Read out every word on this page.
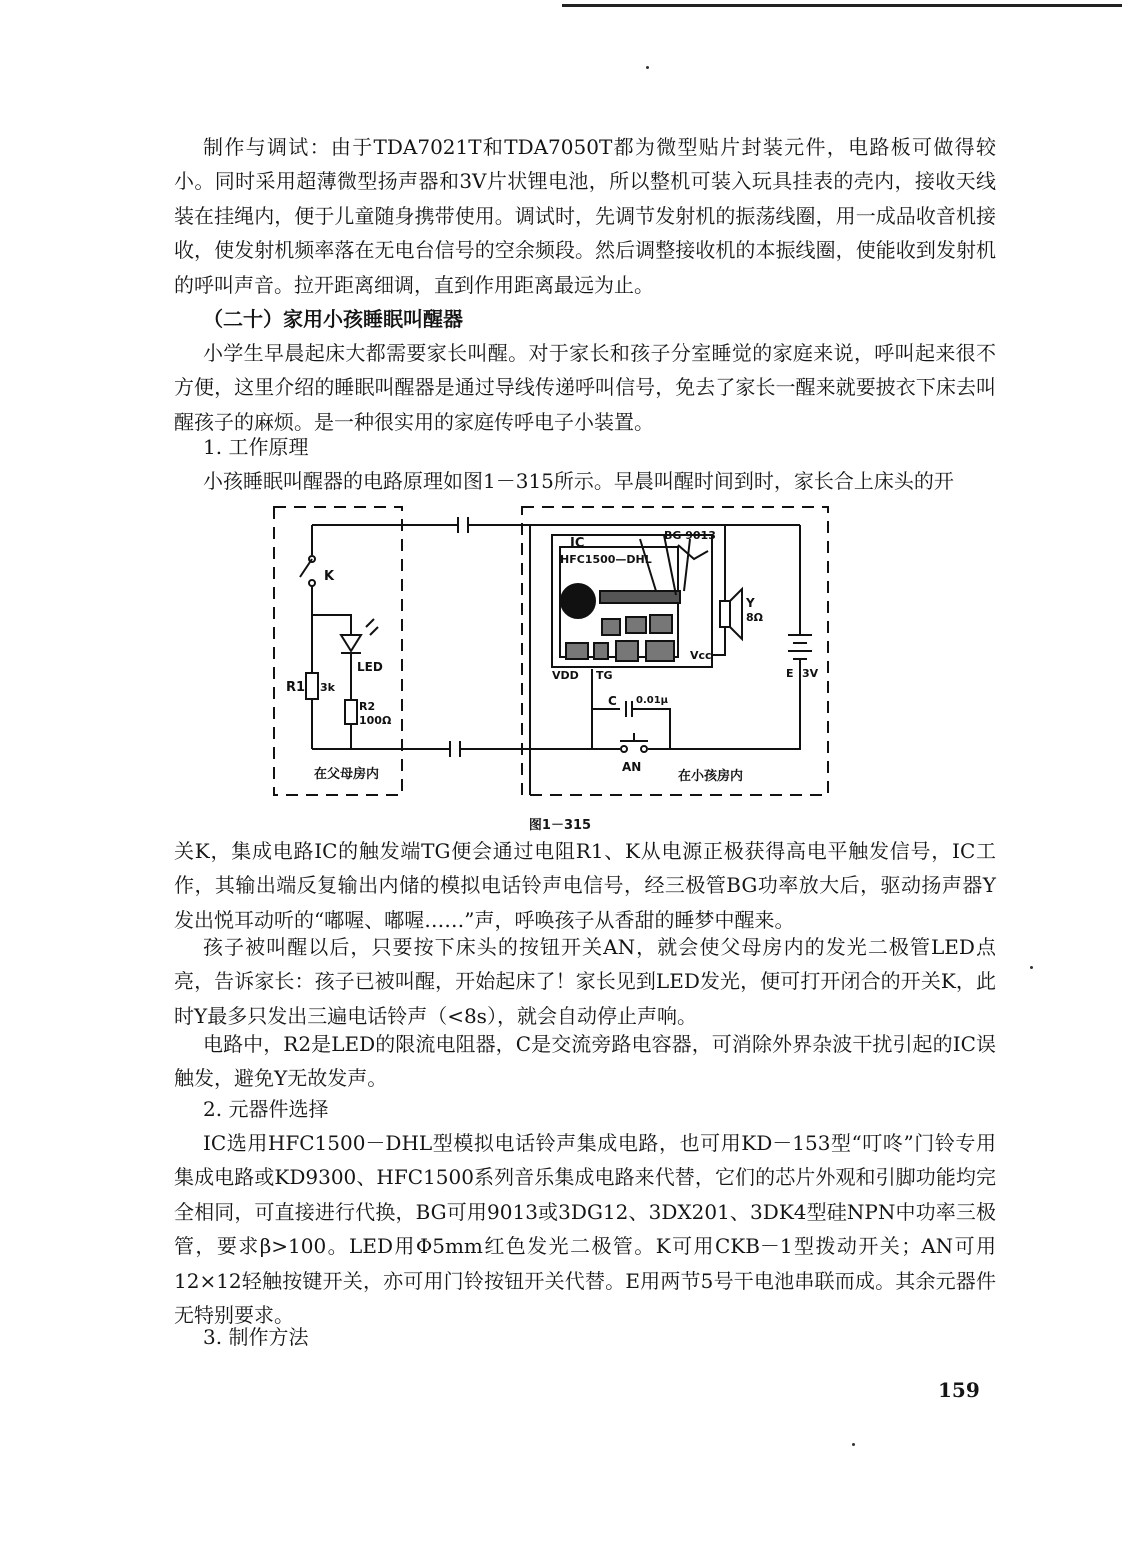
制作与调试：由于TDA7021T和TDA7050T都为微型贴片封装元件，电路板可做得较小。同时采用超薄微型扬声器和3V片状锂电池，所以整机可装入玩具挂表的壳内，接收天线装在挂绳内，便于儿童随身携带使用。调试时，先调节发射机的振荡线圈，用一成品收音机接收，使发射机频率落在无电台信号的空余频段。然后调整接收机的本振线圈，使能收到发射机的呼叫声音。拉开距离细调，直到作用距离最远为止。

（二十）家用小孩睡眠叫醒器

小学生早晨起床大都需要家长叫醒。对于家长和孩子分室睡觉的家庭来说，呼叫起来很不方便，这里介绍的睡眠叫醒器是通过导线传递呼叫信号，免去了家长一醒来就要披衣下床去叫醒孩子的麻烦。是一种很实用的家庭传呼电子小装置。

1. 工作原理

小孩睡眠叫醒器的电路原理如图1－315所示。早晨叫醒时间到时，家长合上床头的开

K
LED
R1 3k
R2
100Ω
IC
HFC1500—DHL
BG 9013
Y
8Ω
VDD TG
Vcc
C 0.01μ
AN
E 3V
在父母房内	在小孩房内
图1－315

关K，集成电路IC的触发端TG便会通过电阻R1、K从电源正极获得高电平触发信号，IC工作，其输出端反复输出内储的模拟电话铃声电信号，经三极管BG功率放大后，驱动扬声器Y发出悦耳动听的“嘟喔、嘟喔……”声，呼唤孩子从香甜的睡梦中醒来。

孩子被叫醒以后，只要按下床头的按钮开关AN，就会使父母房内的发光二极管LED点亮，告诉家长：孩子已被叫醒，开始起床了！家长见到LED发光，便可打开闭合的开关K，此时Y最多只发出三遍电话铃声（<8s），就会自动停止声响。

电路中，R2是LED的限流电阻器，C是交流旁路电容器，可消除外界杂波干扰引起的IC误触发，避免Y无故发声。

2. 元器件选择

IC选用HFC1500－DHL型模拟电话铃声集成电路，也可用KD－153型“叮咚”门铃专用集成电路或KD9300、HFC1500系列音乐集成电路来代替，它们的芯片外观和引脚功能均完全相同，可直接进行代换，BG可用9013或3DG12、3DX201、3DK4型硅NPN中功率三极管，要求β>100。LED用Φ5mm红色发光二极管。K可用CKB－1型拨动开关；AN可用12×12轻触按键开关，亦可用门铃按钮开关代替。E用两节5号干电池串联而成。其余元器件无特别要求。

3. 制作方法

159
